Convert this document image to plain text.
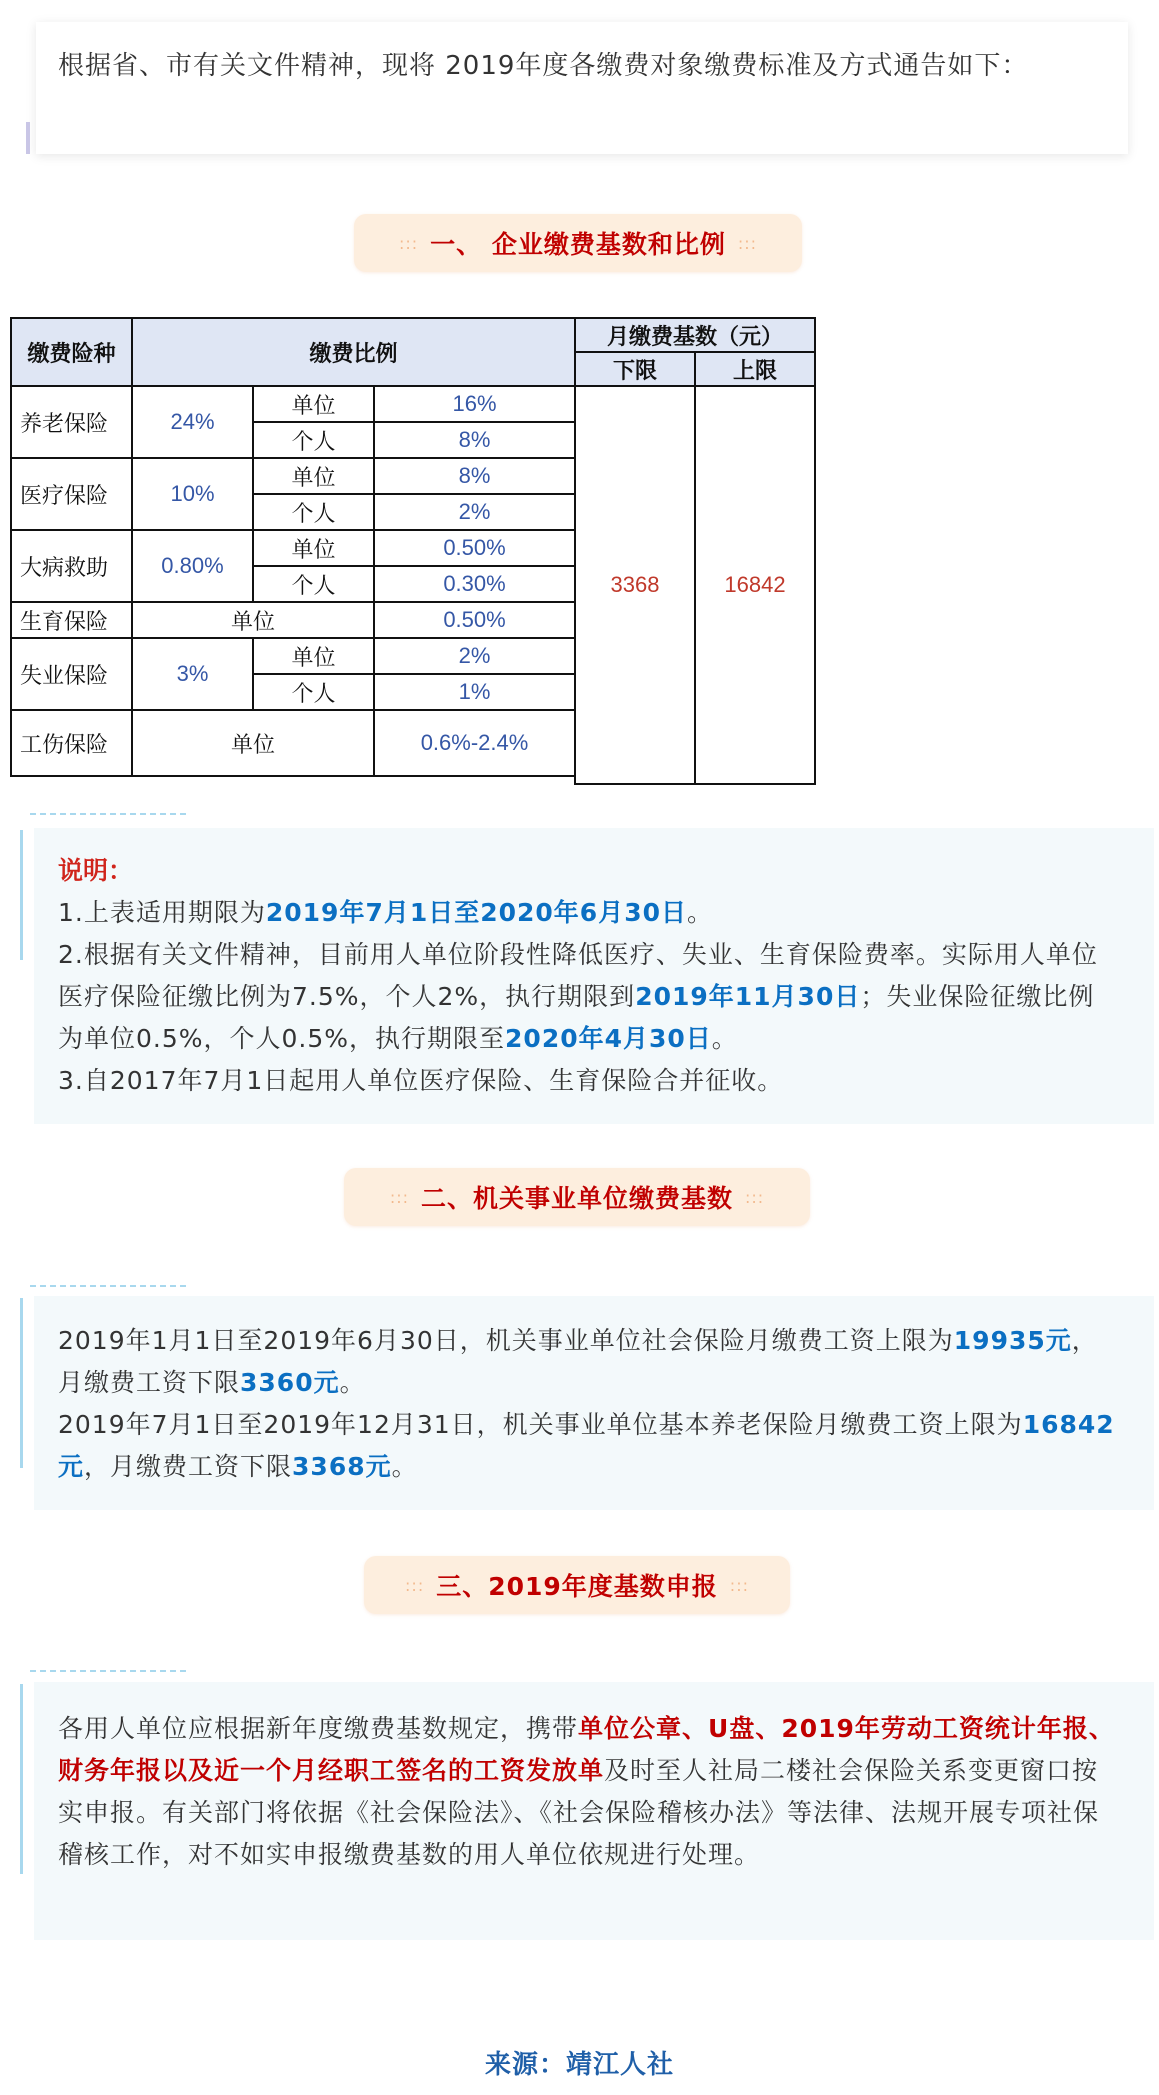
根据省、市有关文件精神，现将 2019年度各缴费对象缴费标准及方式通告如下：
::: 一、 企业缴费基数和比例 :::
缴费险种	缴费比例			月缴费基数（元）	
				下限	上限
养老保险	24%	单位	16%	3368	16842
		个人	8%		
医疗保险	10%	单位	8%		
		个人	2%		
大病救助	0.80%	单位	0.50%		
		个人	0.30%		
生育保险	单位		0.50%		
失业保险	3%	单位	2%		
		个人	1%		
工伤保险	单位		0.6%-2.4%		

说明：
1.上表适用期限为2019年7月1日至2020年6月30日。
2.根据有关文件精神，目前用人单位阶段性降低医疗、失业、生育保险费率。实际用人单位医疗保险征缴比例为7.5%，个人2%，执行期限到2019年11月30日；失业保险征缴比例为单位0.5%，个人0.5%，执行期限至2020年4月30日。
3.自2017年7月1日起用人单位医疗保险、生育保险合并征收。
::: 二、机关事业单位缴费基数 :::
2019年1月1日至2019年6月30日，机关事业单位社会保险月缴费工资上限为19935元，月缴费工资下限3360元。
2019年7月1日至2019年12月31日，机关事业单位基本养老保险月缴费工资上限为16842元，月缴费工资下限3368元。
::: 三、2019年度基数申报 :::
各用人单位应根据新年度缴费基数规定，携带单位公章、U盘、2019年劳动工资统计年报、财务年报以及近一个月经职工签名的工资发放单及时至人社局二楼社会保险关系变更窗口按实申报。有关部门将依据《社会保险法》、《社会保险稽核办法》等法律、法规开展专项社保稽核工作，对不如实申报缴费基数的用人单位依规进行处理。
来源：靖江人社
